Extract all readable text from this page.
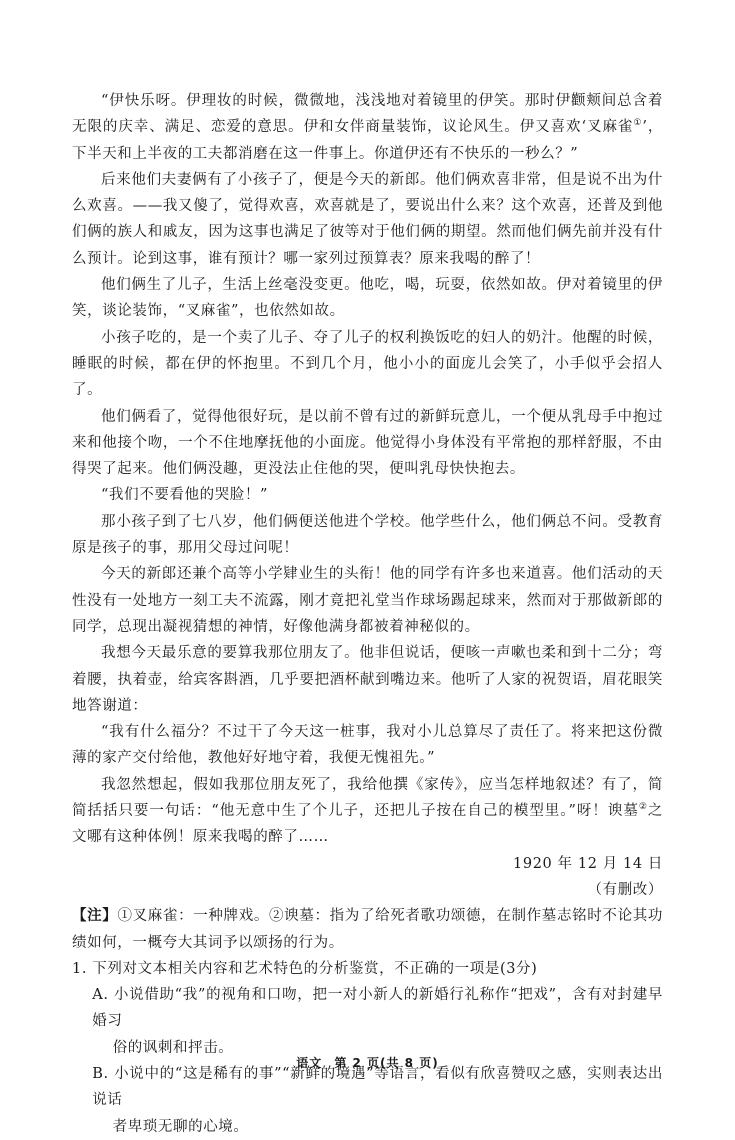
“伊快乐呀。伊理妆的时候，微微地，浅浅地对着镜里的伊笑。那时伊颧颊间总含着无限的庆幸、满足、恋爱的意思。伊和女伴商量装饰，议论风生。伊又喜欢‘叉麻雀①’，下半天和上半夜的工夫都消磨在这一件事上。你道伊还有不快乐的一秒么？”

后来他们夫妻俩有了小孩子了，便是今天的新郎。他们俩欢喜非常，但是说不出为什么欢喜。——我又傻了，觉得欢喜，欢喜就是了，要说出什么来？这个欢喜，还普及到他们俩的族人和戚友，因为这事也满足了彼等对于他们俩的期望。然而他们俩先前并没有什么预计。论到这事，谁有预计？哪一家列过预算表？原来我喝的醉了！

他们俩生了儿子，生活上丝毫没变更。他吃，喝，玩耍，依然如故。伊对着镜里的伊笑，谈论装饰，“叉麻雀”，也依然如故。

小孩子吃的，是一个卖了儿子、夺了儿子的权利换饭吃的妇人的奶汁。他醒的时候，睡眠的时候，都在伊的怀抱里。不到几个月，他小小的面庞儿会笑了，小手似乎会招人了。

他们俩看了，觉得他很好玩，是以前不曾有过的新鲜玩意儿，一个便从乳母手中抱过来和他接个吻，一个不住地摩抚他的小面庞。他觉得小身体没有平常抱的那样舒服，不由得哭了起来。他们俩没趣，更没法止住他的哭，便叫乳母快快抱去。

“我们不要看他的哭脸！”

那小孩子到了七八岁，他们俩便送他进个学校。他学些什么，他们俩总不问。受教育原是孩子的事，那用父母过问呢！

今天的新郎还兼个高等小学肄业生的头衔！他的同学有许多也来道喜。他们活动的天性没有一处地方一刻工夫不流露，刚才竟把礼堂当作球场踢起球来，然而对于那做新郎的同学，总现出凝视猜想的神情，好像他满身都被着神秘似的。

我想今天最乐意的要算我那位朋友了。他非但说话，便咳一声嗽也柔和到十二分；弯着腰，执着壶，给宾客斟酒，几乎要把酒杯献到嘴边来。他听了人家的祝贺语，眉花眼笑地答谢道：

“我有什么福分？不过干了今天这一桩事，我对小儿总算尽了责任了。将来把这份微薄的家产交付给他，教他好好地守着，我便无愧祖先。”

我忽然想起，假如我那位朋友死了，我给他撰《家传》，应当怎样地叙述？有了，简简括括只要一句话：“他无意中生了个儿子，还把儿子按在自己的模型里。”呀！谀墓②之文哪有这种体例！原来我喝的醉了……

1920 年 12 月 14 日

（有删改）

【注】①叉麻雀：一种牌戏。②谀墓：指为了给死者歌功颂德，在制作墓志铭时不论其功绩如何，一概夸大其词予以颂扬的行为。

1. 下列对文本相关内容和艺术特色的分析鉴赏，不正确的一项是(3分)

A. 小说借助“我”的视角和口吻，把一对小新人的新婚行礼称作“把戏”，含有对封建早婚习
俗的讽刺和抨击。

B. 小说中的“这是稀有的事”“新鲜的境遇”等语言，看似有欣喜赞叹之感，实则表达出说话
者卑琐无聊的心境。

语文 第 2 页(共 8 页)
